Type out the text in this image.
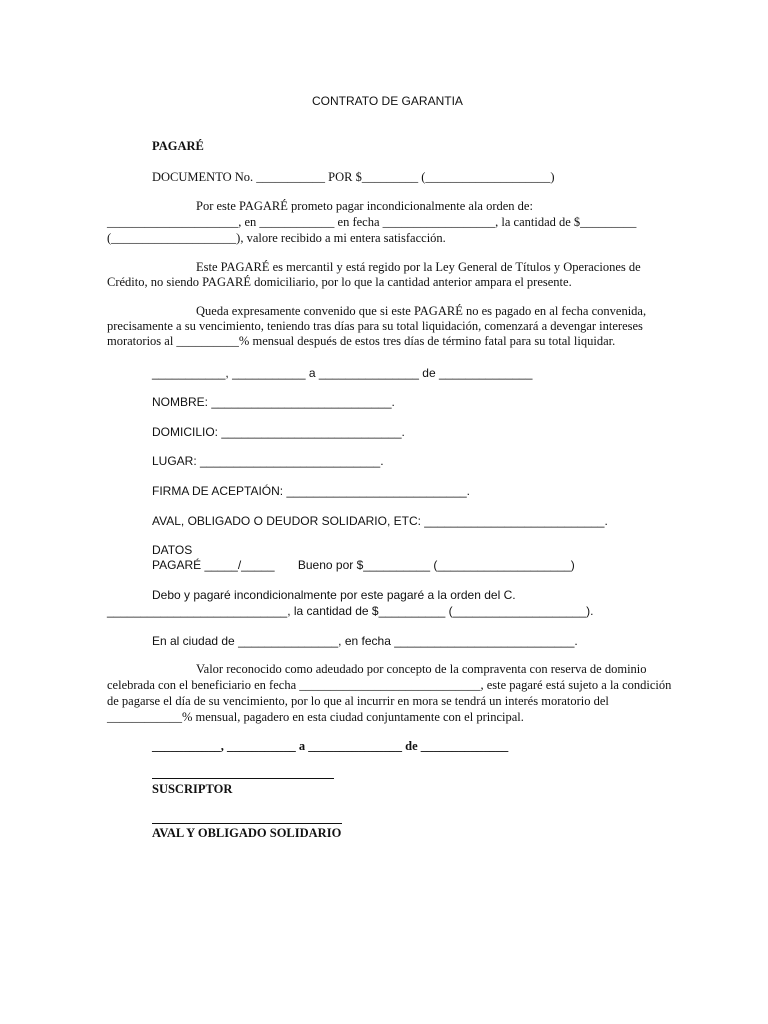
CONTRATO DE GARANTIA
PAGARÉ
DOCUMENTO No. ___________ POR $_________ (____________________)
Por este PAGARÉ prometo pagar incondicionalmente ala orden de:
_____________________, en ____________ en fecha __________________, la cantidad de $_________
(____________________), valore recibido a mi entera satisfacción.
Este PAGARÉ es mercantil y está regido por la Ley General de Títulos y Operaciones de
Crédito, no siendo PAGARÉ domiciliario, por lo que la cantidad anterior ampara el presente.
Queda expresamente convenido que si este PAGARÉ no es pagado en al fecha convenida,
precisamente a su vencimiento, teniendo tras días para su total liquidación, comenzará a devengar intereses
moratorios al __________% mensual después de estos tres días de término fatal para su total liquidar.
___________, ___________ a _______________ de ______________
NOMBRE: ___________________________.
DOMICILIO: ___________________________.
LUGAR: ___________________________.
FIRMA DE ACEPTAIÓN: ___________________________.
AVAL, OBLIGADO O DEUDOR SOLIDARIO, ETC: ___________________________.
DATOS
PAGARÉ _____/_____       Bueno por $__________ (____________________)
Debo y pagaré incondicionalmente por este pagaré a la orden del C.
___________________________, la cantidad de $__________ (____________________).
En al ciudad de _______________, en fecha ___________________________.
Valor reconocido como adeudado por concepto de la compraventa con reserva de dominio
celebrada con el beneficiario en fecha _____________________________, este pagaré está sujeto a la condición
de pagarse el día de su vencimiento, por lo que al incurrir en mora se tendrá un interés moratorio del
____________% mensual, pagadero en esta ciudad conjuntamente con el principal.
___________, ___________ a _______________ de ______________
SUSCRIPTOR
AVAL Y OBLIGADO SOLIDARIO
